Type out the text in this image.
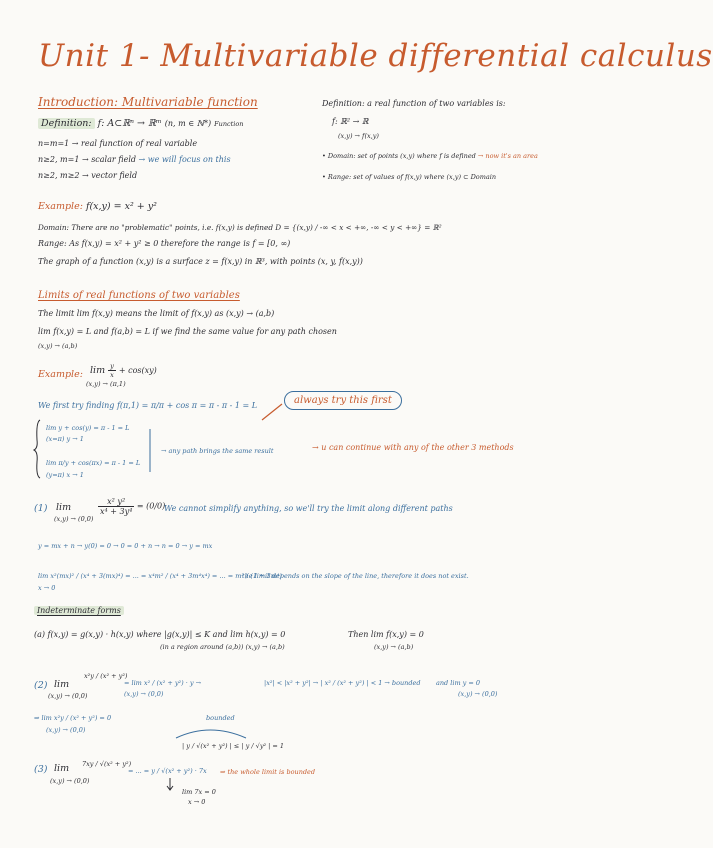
Unit 1- Multivariable differential calculus
Introduction: Multivariable function
Definition: f: A⊂ℝⁿ → ℝᵐ (n, m ∈ ℕ*) Function
n=m=1 → real function of real variable
n≥2, m=1 → scalar field → we will focus on this
n≥2, m≥2 → vector field
Definition: a real function of two variables is:
f: ℝ² → ℝ
(x,y) → f(x,y)
• Domain: set of points (x,y) where f is defined → now it's an area
• Range: set of values of f(x,y) where (x,y) ⊂ Domain
Example: f(x,y) = x² + y²
Domain: There are no "problematic" points, i.e. f(x,y) is defined D = {(x,y) / -∞ < x < +∞, -∞ < y < +∞} = ℝ²
Range: As f(x,y) = x² + y² ≥ 0 therefore the range is f = [0, ∞)
The graph of a function (x,y) is a surface z = f(x,y) in ℝ³, with points (x, y, f(x,y))
Limits of real functions of two variables
The limit lim f(x,y) means the limit of f(x,y) as (x,y) → (a,b)
lim f(x,y) = L and f(a,b) = L if we find the same value for any path chosen
(x,y) → (a,b)
Example: $\lim \frac{y}{x} + \cos(xy)$
(x,y) → (π,1)
We first try finding f(π,1) = π/π + cos π = π - π - 1 = L	always try this first
lim y + cos(y) = π - 1 = L
(x=π) y → 1
lim π/y + cos(πx) = π - 1 = L
(y=π) x → 1
→ any path brings the same result	→ u can continue with any of the other 3 methods
(1) lim
(x,y) → (0,0)
$\frac{\text{x² y²}}{\text{x⁴ + 3y⁴}} = (0/0)$
We cannot simplify anything, so we'll try the limit along different paths
y = mx + n → y(0) = 0 → 0 = 0 + n → n = 0 → y = mx
lim x²(mx)² / (x⁴ + 3(mx)⁴) = ... = x⁴m² / (x⁴ + 3m⁴x⁴) = ... = m² / (1 + 3m⁴)
x → 0
the limit depends on the slope of the line, therefore it does not exist.
Indeterminate forms
(a) f(x,y) = g(x,y) · h(x,y) where |g(x,y)| ≤ K and lim h(x,y) = 0
(in a region around (a,b)) (x,y) → (a,b)
Then lim f(x,y) = 0
(x,y) → (a,b)
(2) lim
(x,y) → (0,0)
x²y / (x² + y²)
= lim x² / (x² + y²) · y →
(x,y) → (0,0)
|x²| < |x² + y²| → | x² / (x² + y²) | < 1 → bounded and lim y = 0
(x,y) → (0,0)
⇒ lim x²y / (x² + y²) = 0
(x,y) → (0,0)
(3) lim
(x,y) → (0,0)
7xy / √(x² + y²)
= ... = y / √(x² + y²) · 7x
bounded
| y / √(x² + y²) | ≤ | y / √y² | = 1
⇒ the whole limit is bounded
lim 7x = 0
x → 0
